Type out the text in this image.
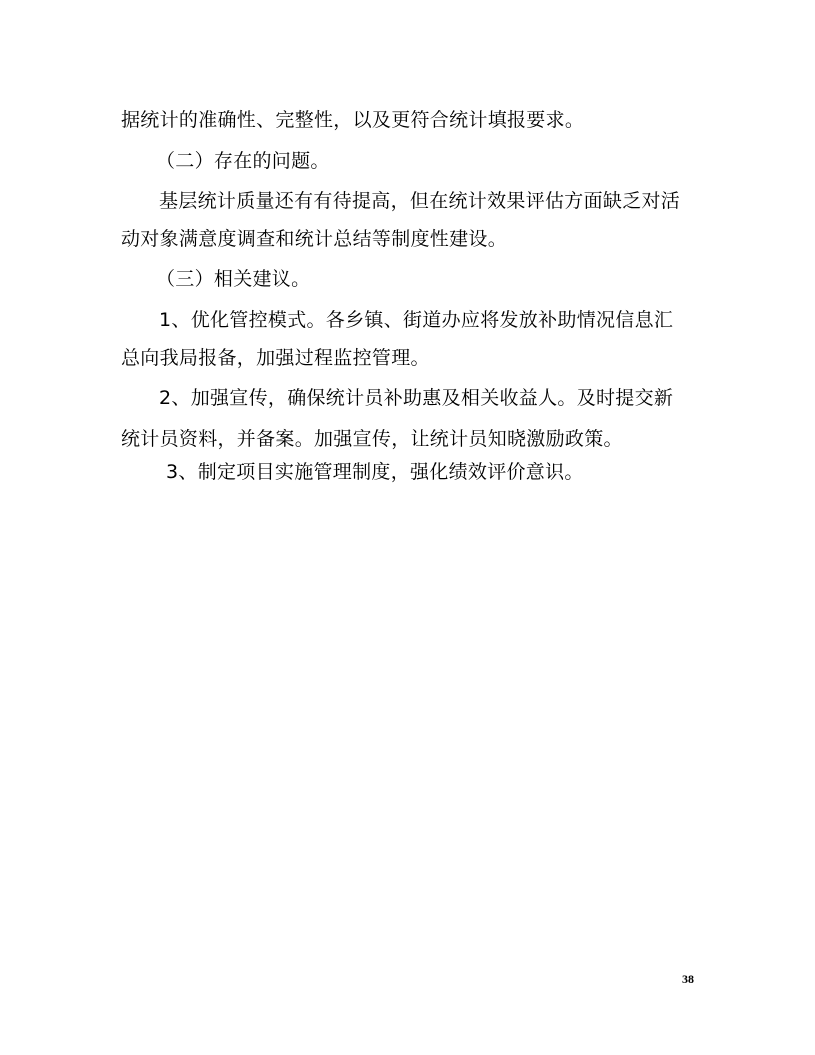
据统计的准确性、完整性，以及更符合统计填报要求。
（二）存在的问题。
基层统计质量还有有待提高，但在统计效果评估方面缺乏对活
动对象满意度调查和统计总结等制度性建设。
（三）相关建议。
1、优化管控模式。各乡镇、街道办应将发放补助情况信息汇
总向我局报备，加强过程监控管理。
2、加强宣传，确保统计员补助惠及相关收益人。及时提交新
统计员资料，并备案。加强宣传，让统计员知晓激励政策。
3、制定项目实施管理制度，强化绩效评价意识。
38
